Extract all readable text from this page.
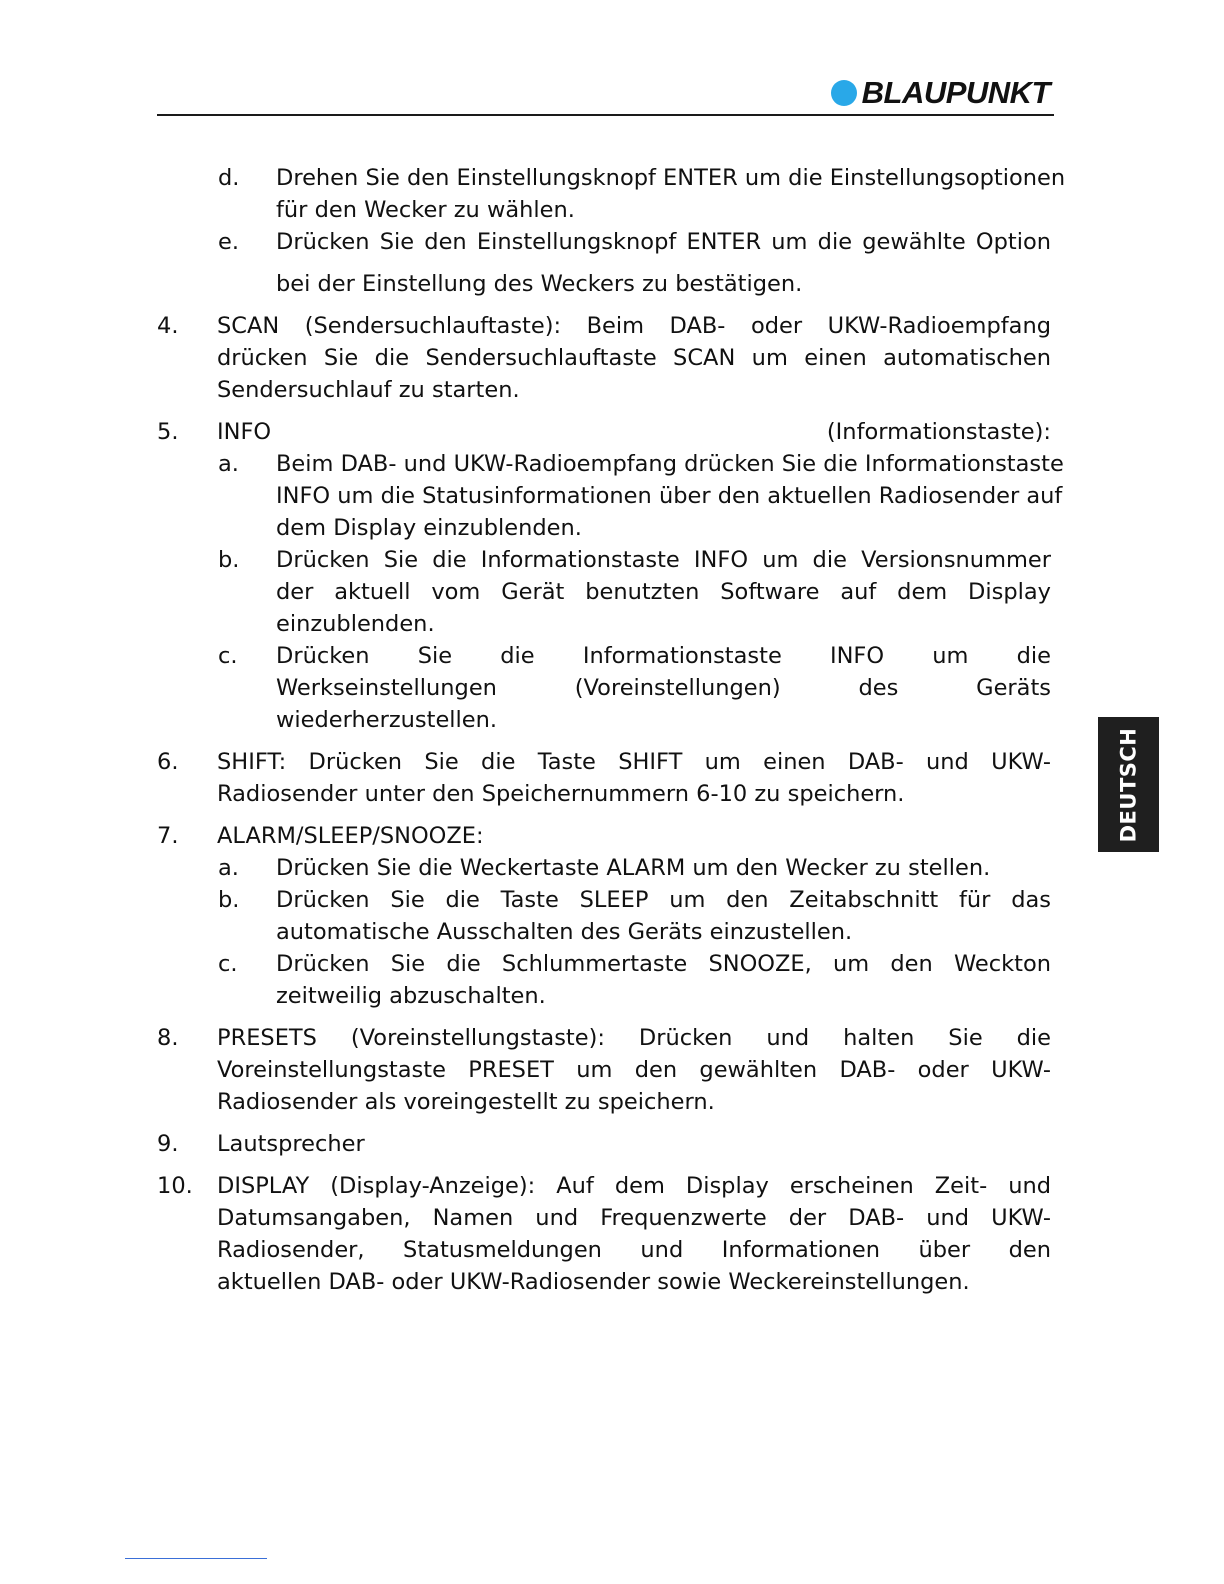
BLAUPUNKT
DEUTSCH
d. Drehen Sie den Einstellungsknopf ENTER um die Einstellungsoptionen
für den Wecker zu wählen.
e. Drücken Sie den Einstellungsknopf ENTER um die gewählte Option
bei der Einstellung des Weckers zu bestätigen.
4. SCAN (Sendersuchlauftaste): Beim DAB- oder UKW-Radioempfang
drücken Sie die Sendersuchlauftaste SCAN um einen automatischen
Sendersuchlauf zu starten.
5. INFO (Informationstaste):
a. Beim DAB- und UKW-Radioempfang drücken Sie die Informationstaste
INFO um die Statusinformationen über den aktuellen Radiosender auf
dem Display einzublenden.
b. Drücken Sie die Informationstaste INFO um die Versionsnummer
der aktuell vom Gerät benutzten Software auf dem Display
einzublenden.
c. Drücken Sie die Informationstaste INFO um die
Werkseinstellungen (Voreinstellungen) des Geräts
wiederherzustellen.
6. SHIFT: Drücken Sie die Taste SHIFT um einen DAB- und UKW-
Radiosender unter den Speichernummern 6-10 zu speichern.
7. ALARM/SLEEP/SNOOZE:
a. Drücken Sie die Weckertaste ALARM um den Wecker zu stellen.
b. Drücken Sie die Taste SLEEP um den Zeitabschnitt für das
automatische Ausschalten des Geräts einzustellen.
c. Drücken Sie die Schlummertaste SNOOZE, um den Weckton
zeitweilig abzuschalten.
8. PRESETS (Voreinstellungstaste): Drücken und halten Sie die
Voreinstellungstaste PRESET um den gewählten DAB- oder UKW-
Radiosender als voreingestellt zu speichern.
9. Lautsprecher
10. DISPLAY (Display-Anzeige): Auf dem Display erscheinen Zeit- und
Datumsangaben, Namen und Frequenzwerte der DAB- und UKW-
Radiosender, Statusmeldungen und Informationen über den
aktuellen DAB- oder UKW-Radiosender sowie Weckereinstellungen.
